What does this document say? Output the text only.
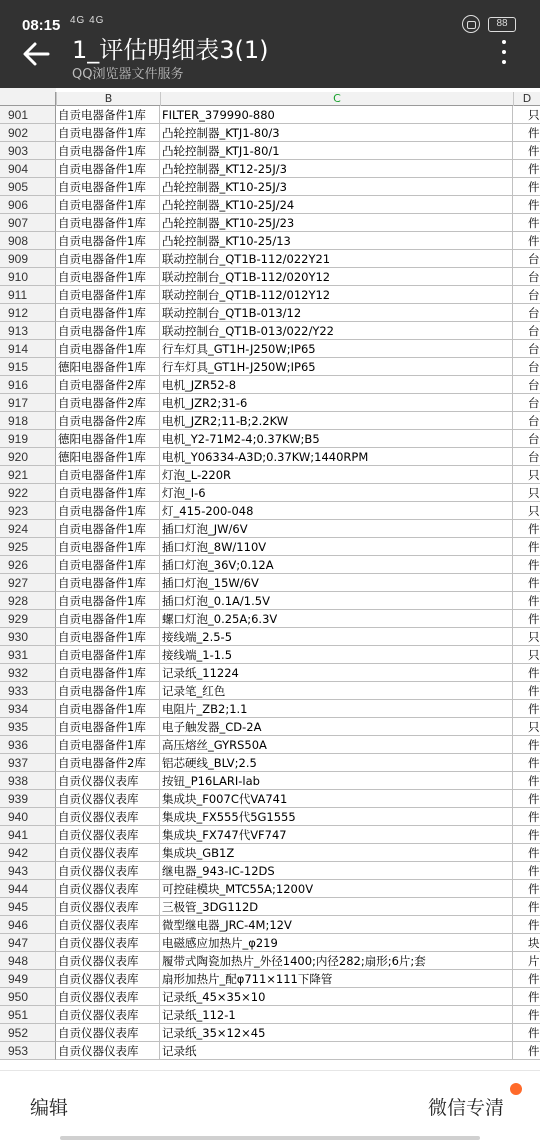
08:15 4G 4G	88
1_评估明细表3(1)
QQ浏览器文件服务
B	C	D
901	自贡电器备件1库	FILTER_379990-880	只
902	自贡电器备件1库	凸轮控制器_KTJ1-80/3	件
903	自贡电器备件1库	凸轮控制器_KTJ1-80/1	件
904	自贡电器备件1库	凸轮控制器_KT12-25J/3	件
905	自贡电器备件1库	凸轮控制器_KT10-25J/3	件
906	自贡电器备件1库	凸轮控制器_KT10-25J/24	件
907	自贡电器备件1库	凸轮控制器_KT10-25J/23	件
908	自贡电器备件1库	凸轮控制器_KT10-25/13	件
909	自贡电器备件1库	联动控制台_QT1B-112/022Y21	台
910	自贡电器备件1库	联动控制台_QT1B-112/020Y12	台
911	自贡电器备件1库	联动控制台_QT1B-112/012Y12	台
912	自贡电器备件1库	联动控制台_QT1B-013/12	台
913	自贡电器备件1库	联动控制台_QT1B-013/022/Y22	台
914	自贡电器备件1库	行车灯具_GT1H-J250W;IP65	台
915	德阳电器备件1库	行车灯具_GT1H-J250W;IP65	台
916	自贡电器备件2库	电机_JZR52-8	台
917	自贡电器备件2库	电机_JZR2;31-6	台
918	自贡电器备件2库	电机_JZR2;11-B;2.2KW	台
919	德阳电器备件1库	电机_Y2-71M2-4;0.37KW;B5	台
920	德阳电器备件1库	电机_Y06334-A3D;0.37KW;1440RPM	台
921	自贡电器备件1库	灯泡_L-220R	只
922	自贡电器备件1库	灯泡_I-6	只
923	自贡电器备件1库	灯_415-200-048	只
924	自贡电器备件1库	插口灯泡_JW/6V	件
925	自贡电器备件1库	插口灯泡_8W/110V	件
926	自贡电器备件1库	插口灯泡_36V;0.12A	件
927	自贡电器备件1库	插口灯泡_15W/6V	件
928	自贡电器备件1库	插口灯泡_0.1A/1.5V	件
929	自贡电器备件1库	螺口灯泡_0.25A;6.3V	件
930	自贡电器备件1库	接线端_2.5-5	只
931	自贡电器备件1库	接线端_1-1.5	只
932	自贡电器备件1库	记录纸_11224	件
933	自贡电器备件1库	记录笔_红色	件
934	自贡电器备件1库	电阻片_ZB2;1.1	件
935	自贡电器备件1库	电子触发器_CD-2A	只
936	自贡电器备件1库	高压熔丝_GYRS50A	件
937	自贡电器备件2库	铝芯硬线_BLV;2.5	件
938	自贡仪器仪表库	按钮_P16LARI-lab	件
939	自贡仪器仪表库	集成块_F007C代VA741	件
940	自贡仪器仪表库	集成块_FX555代5G1555	件
941	自贡仪器仪表库	集成块_FX747代VF747	件
942	自贡仪器仪表库	集成块_GB1Z	件
943	自贡仪器仪表库	继电器_943-IC-12DS	件
944	自贡仪器仪表库	可控硅模块_MTC55A;1200V	件
945	自贡仪器仪表库	三极管_3DG112D	件
946	自贡仪器仪表库	微型继电器_JRC-4M;12V	件
947	自贡仪器仪表库	电磁感应加热片_φ219	块
948	自贡仪器仪表库	履带式陶瓷加热片_外径1400;内径282;扇形;6片;套	片
949	自贡仪器仪表库	扇形加热片_配φ711×111下降管	件
950	自贡仪器仪表库	记录纸_45×35×10	件
951	自贡仪器仪表库	记录纸_112-1	件
952	自贡仪器仪表库	记录纸_35×12×45	件
953	自贡仪器仪表库	记录纸	件
编辑	微信专清
